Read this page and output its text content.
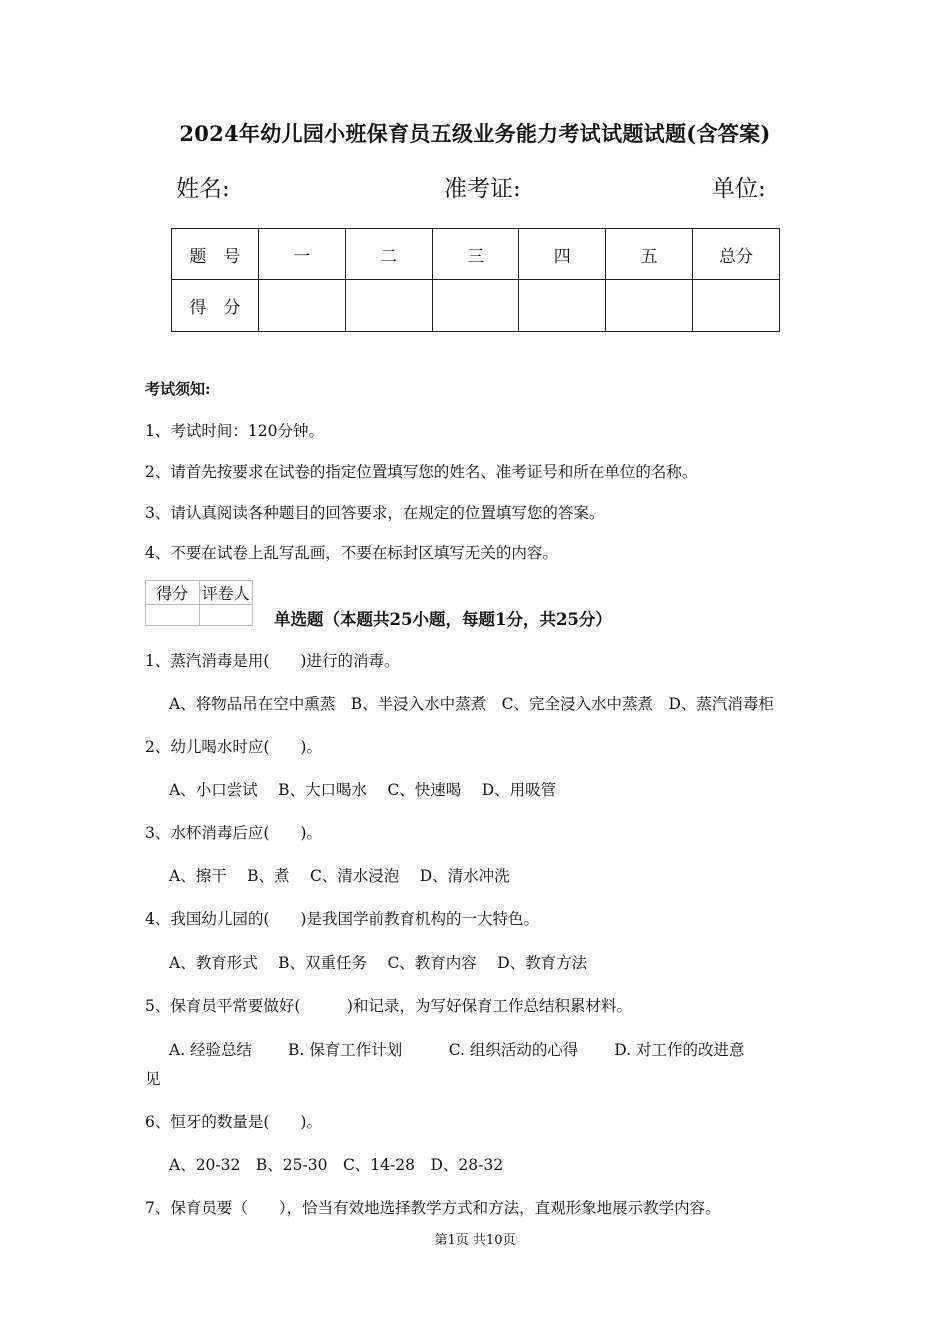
2024年幼儿园小班保育员五级业务能力考试试题试题(含答案)
姓名:	准考证:	单位:
题　号	一	二	三	四	五	总分
得　分						
考试须知:
1、考试时间：120分钟。
2、请首先按要求在试卷的指定位置填写您的姓名、准考证号和所在单位的名称。
3、请认真阅读各种题目的回答要求，在规定的位置填写您的答案。
4、不要在试卷上乱写乱画，不要在标封区填写无关的内容。
得分	评卷人

单选题（本题共25小题，每题1分，共25分）
1、蒸汽消毒是用(　　)进行的消毒。
A、将物品吊在空中熏蒸　B、半浸入水中蒸煮　C、完全浸入水中蒸煮　D、蒸汽消毒柜
2、幼儿喝水时应(　　)。
A、小口尝试　 B、大口喝水　 C、快速喝　 D、用吸管
3、水杯消毒后应(　　)。
A、擦干　 B、煮　 C、清水浸泡　 D、清水冲洗
4、我国幼儿园的(　　)是我国学前教育机构的一大特色。
A、教育形式　 B、双重任务　 C、教育内容　 D、教育方法
5、保育员平常要做好(　　　)和记录，为写好保育工作总结积累材料。
A. 经验总结　　 B. 保育工作计划　　　C. 组织活动的心得　　 D. 对工作的改进意
见
6、恒牙的数量是(　　)。
A、20-32　B、25-30　C、14-28　D、28-32
7、保育员要（　　），恰当有效地选择教学方式和方法，直观形象地展示教学内容。
第1页 共10页
